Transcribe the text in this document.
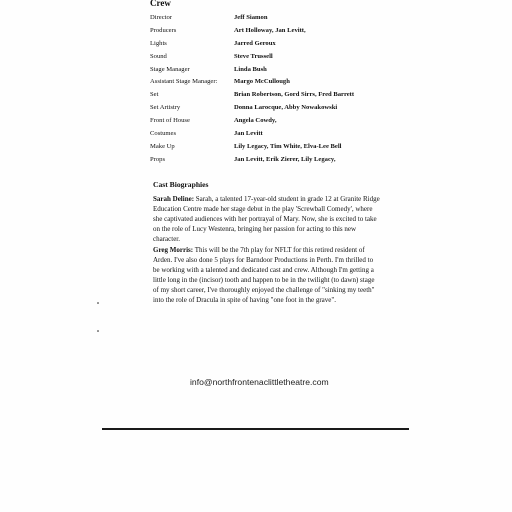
Crew
Director	Jeff Siamon
Producers	Art Holloway, Jan Levitt,
Lights	Jarred Geroux
Sound	Steve Trussell
Stage Manager	Linda Bush
Assistant Stage Manager:	Margo McCullough
Set	Brian Robertson, Gord Sirrs, Fred Barrett
Set Artistry	Donna Larocque, Abby Nowakowski
Front of House	Angela Cowdy,
Costumes	Jan Levitt
Make Up	Lily Legacy, Tim White, Elva-Lee Bell
Props	Jan Levitt, Erik Zierer, Lily Legacy,
Cast Biographies
Sarah Deline: Sarah, a talented 17-year-old student in grade 12 at Granite Ridge Education Centre made her stage debut in the play 'Screwball Comedy', where she captivated audiences with her portrayal of Mary. Now, she is excited to take on the role of Lucy Westenra, bringing her passion for acting to this new character.
Greg Morris: This will be the 7th play for NFLT for this retired resident of Arden. I've also done 5 plays for Barndoor Productions in Perth. I'm thrilled to be working with a talented and dedicated cast and crew. Although I'm getting a little long in the (incisor) tooth and happen to be in the twilight (to dawn) stage of my short career, I've thoroughly enjoyed the challenge of "sinking my teeth" into the role of Dracula in spite of having "one foot in the grave".
info@northfrontenaclittletheatre.com
